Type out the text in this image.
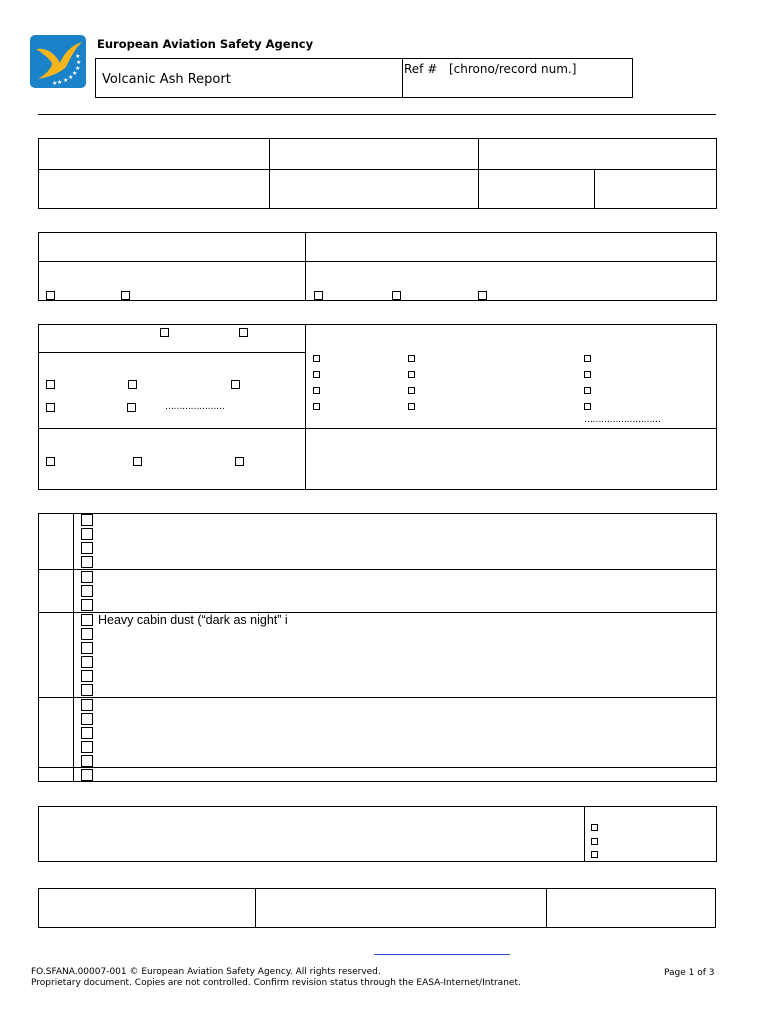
★ ★ ★
★
★
★
★
★
European Aviation Safety Agency
Volcanic Ash Report
Ref # [chrono/record num.]
…………………
………………………
Heavy cabin dust (“dark as night” i
FO.SFANA.00007-001 © European Aviation Safety Agency. All rights reserved.
Proprietary document. Copies are not controlled. Confirm revision status through the EASA-Internet/Intranet.
Page 1 of 3
